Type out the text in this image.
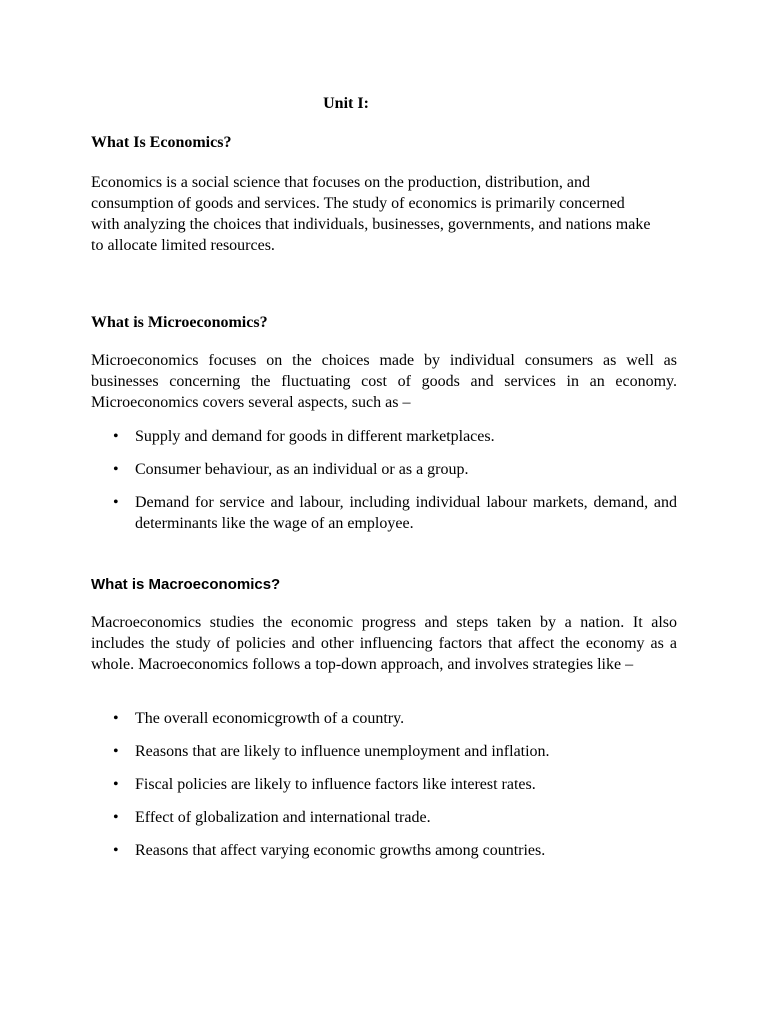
Unit I:
What Is Economics?

Economics is a social science that focuses on the production, distribution, and consumption of goods and services. The study of economics is primarily concerned with analyzing the choices that individuals, businesses, governments, and nations make to allocate limited resources.

What is Microeconomics?

Microeconomics focuses on the choices made by individual consumers as well as businesses concerning the fluctuating cost of goods and services in an economy. Microeconomics covers several aspects, such as –

• Supply and demand for goods in different marketplaces.
• Consumer behaviour, as an individual or as a group.
• Demand for service and labour, including individual labour markets, demand, and determinants like the wage of an employee.
What is Macroeconomics?

Macroeconomics studies the economic progress and steps taken by a nation. It also includes the study of policies and other influencing factors that affect the economy as a whole. Macroeconomics follows a top-down approach, and involves strategies like –

• The overall economicgrowth of a country.
• Reasons that are likely to influence unemployment and inflation.
• Fiscal policies are likely to influence factors like interest rates.
• Effect of globalization and international trade.
• Reasons that affect varying economic growths among countries.
